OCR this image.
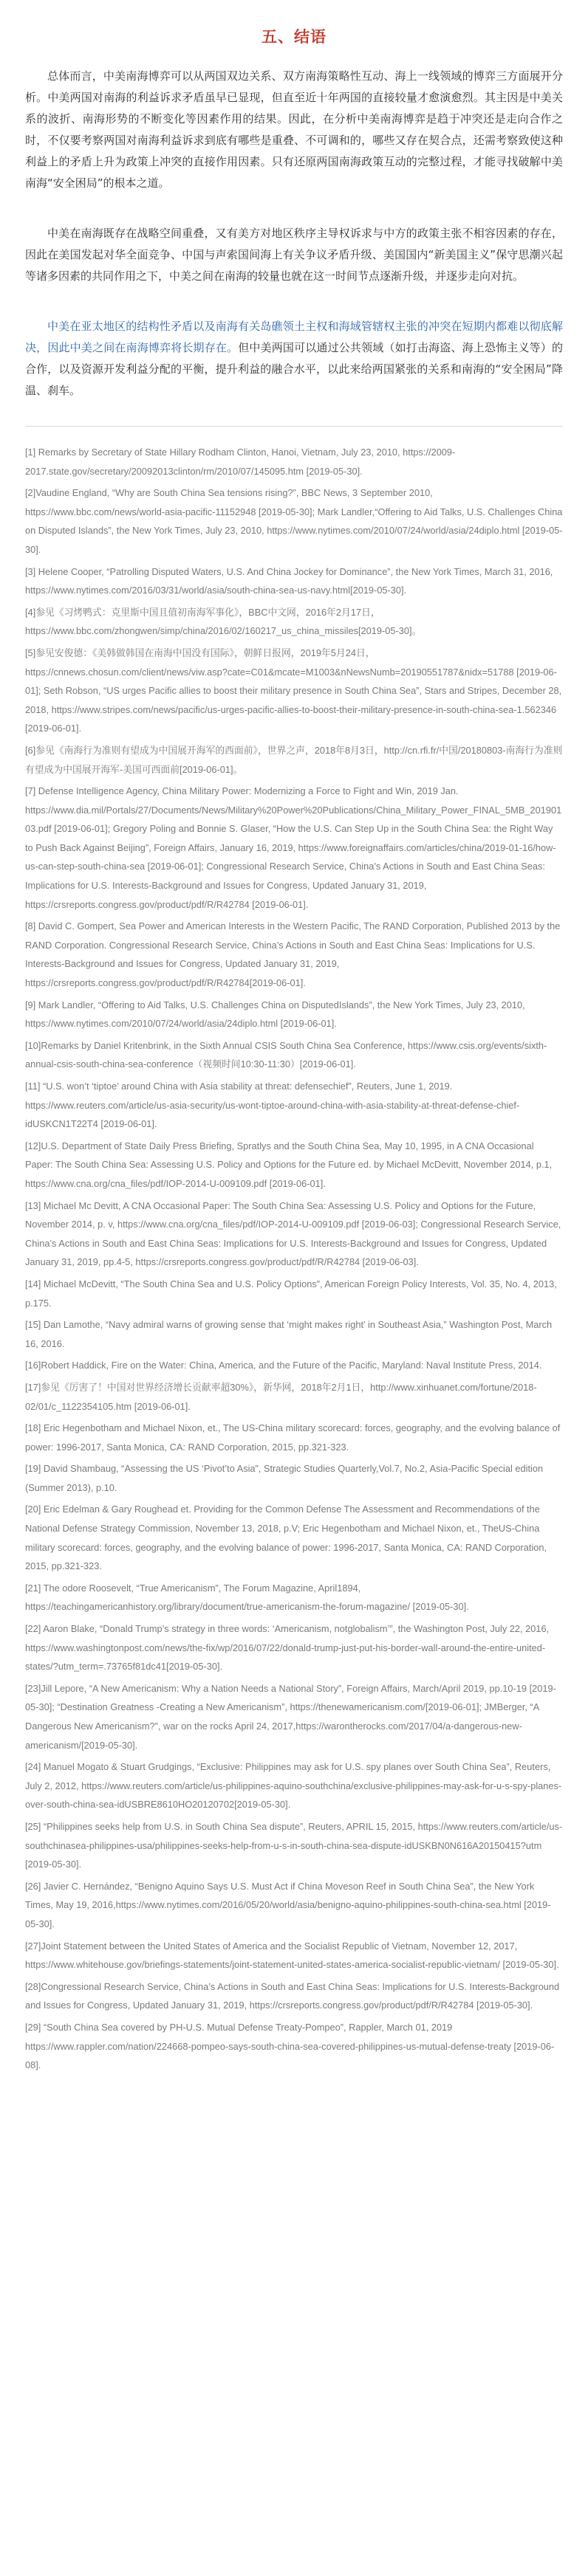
五、结语
总体而言，中美南海博弈可以从两国双边关系、双方南海策略性互动、海上一线领域的博弈三方面展开分析。中美两国对南海的利益诉求矛盾虽早已显现，但直至近十年两国的直接较量才愈演愈烈。其主因是中美关系的波折、南海形势的不断变化等因素作用的结果。因此，在分析中美南海博弈是趋于冲突还是走向合作之时，不仅要考察两国对南海利益诉求到底有哪些是重叠、不可调和的，哪些又存在契合点，还需考察致使这种利益上的矛盾上升为政策上冲突的直接作用因素。只有还原两国南海政策互动的完整过程，才能寻找破解中美南海“安全困局”的根本之道。
中美在南海既存在战略空间重叠，又有美方对地区秩序主导权诉求与中方的政策主张不相容因素的存在，因此在美国发起对华全面竞争、中国与声索国间海上有关争议矛盾升级、美国国内“新美国主义”保守思潮兴起等诸多因素的共同作用之下，中美之间在南海的较量也就在这一时间节点逐渐升级，并逐步走向对抗。
中美在亚太地区的结构性矛盾以及南海有关岛礁领土主权和海域管辖权主张的冲突在短期内都难以彻底解决，因此中美之间在南海博弈将长期存在。但中美两国可以通过公共领域（如打击海盗、海上恐怖主义等）的合作，以及资源开发利益分配的平衡，提升利益的融合水平，以此来给两国紧张的关系和南海的“安全困局”降温、刹车。

[1] Remarks by Secretary of State Hillary Rodham Clinton, Hanoi, Vietnam, July 23, 2010, https://2009-2017.state.gov/secretary/20092013clinton/rm/2010/07/145095.htm [2019-05-30].

[2]Vaudine England, “Why are South China Sea tensions rising?”, BBC News, 3 September 2010, https://www.bbc.com/news/world-asia-pacific-11152948 [2019-05-30]; Mark Landler,“Offering to Aid Talks, U.S. Challenges China on Disputed Islands”, the New York Times, July 23, 2010, https://www.nytimes.com/2010/07/24/world/asia/24diplo.html [2019-05-30].

[3] Helene Cooper, “Patrolling Disputed Waters, U.S. And China Jockey for Dominance”, the New York Times, March 31, 2016, https://www.nytimes.com/2016/03/31/world/asia/south-china-sea-us-navy.html[2019-05-30].

[4]参见《习烤鸭式：克里斯中国且值初南海军事化》，BBC中文网，2016年2月17日，https://www.bbc.com/zhongwen/simp/china/2016/02/160217_us_china_missiles[2019-05-30]。

[5]参见安俊德：《美韩做韩国在南海中国没有国际》，朝鲜日报网，2019年5月24日，https://cnnews.chosun.com/client/news/viw.asp?cate=C01&mcate=M1003&nNewsNumb=20190551787&nidx=51788 [2019-06-01]; Seth Robson, “US urges Pacific allies to boost their military presence in South China Sea”, Stars and Stripes, December 28, 2018, https://www.stripes.com/news/pacific/us-urges-pacific-allies-to-boost-their-military-presence-in-south-china-sea-1.562346 [2019-06-01].

[6]参见《南海行为准则有望成为中国展开海军的西面前》，世界之声，2018年8月3日，http://cn.rfi.fr/中国/20180803-南海行为准则有望成为中国展开海军-美国可西面前[2019-06-01]。

[7] Defense Intelligence Agency, China Military Power: Modernizing a Force to Fight and Win, 2019 Jan. https://www.dia.mil/Portals/27/Documents/News/Military%20Power%20Publications/China_Military_Power_FINAL_5MB_20190103.pdf [2019-06-01]; Gregory Poling and Bonnie S. Glaser, “How the U.S. Can Step Up in the South China Sea: the Right Way to Push Back Against Beijing”, Foreign Affairs, January 16, 2019, https://www.foreignaffairs.com/articles/china/2019-01-16/how-us-can-step-south-china-sea [2019-06-01]; Congressional Research Service, China’s Actions in South and East China Seas: Implications for U.S. Interests-Background and Issues for Congress, Updated January 31, 2019, https://crsreports.congress.gov/product/pdf/R/R42784 [2019-06-01].

[8] David C. Gompert, Sea Power and American Interests in the Western Pacific, The RAND Corporation, Published 2013 by the RAND Corporation. Congressional Research Service, China’s Actions in South and East China Seas: Implications for U.S. Interests-Background and Issues for Congress, Updated January 31, 2019, https://crsreports.congress.gov/product/pdf/R/R42784[2019-06-01].

[9] Mark Landler, “Offering to Aid Talks, U.S. Challenges China on DisputedIslands”, the New York Times, July 23, 2010, https://www.nytimes.com/2010/07/24/world/asia/24diplo.html [2019-06-01].

[10]Remarks by Daniel Kritenbrink, in the Sixth Annual CSIS South China Sea Conference, https://www.csis.org/events/sixth-annual-csis-south-china-sea-conference（视频时间10:30-11:30）[2019-06-01].

[11] “U.S. won’t ‘tiptoe’ around China with Asia stability at threat: defensechief”, Reuters, June 1, 2019. https://www.reuters.com/article/us-asia-security/us-wont-tiptoe-around-china-with-asia-stability-at-threat-defense-chief-idUSKCN1T22T4 [2019-06-01].

[12]U.S. Department of State Daily Press Briefing, Spratlys and the South China Sea, May 10, 1995, in A CNA Occasional Paper: The South China Sea: Assessing U.S. Policy and Options for the Future ed. by Michael McDevitt, November 2014, p.1, https://www.cna.org/cna_files/pdf/IOP-2014-U-009109.pdf [2019-06-01].

[13] Michael Mc Devitt, A CNA Occasional Paper: The South China Sea: Assessing U.S. Policy and Options for the Future, November 2014, p. v, https://www.cna.org/cna_files/pdf/IOP-2014-U-009109.pdf [2019-06-03]; Congressional Research Service, China’s Actions in South and East China Seas: Implications for U.S. Interests-Background and Issues for Congress, Updated January 31, 2019, pp.4-5, https://crsreports.congress.gov/product/pdf/R/R42784 [2019-06-03].

[14] Michael McDevitt, “The South China Sea and U.S. Policy Options”, American Foreign Policy Interests, Vol. 35, No. 4, 2013, p.175.

[15] Dan Lamothe, “Navy admiral warns of growing sense that ‘might makes right’ in Southeast Asia,” Washington Post, March 16, 2016.

[16]Robert Haddick, Fire on the Water: China, America, and the Future of the Pacific, Maryland: Naval Institute Press, 2014.

[17]参见《厉害了！中国对世界经济增长贡献率超30%》，新华网，2018年2月1日，http://www.xinhuanet.com/fortune/2018-02/01/c_1122354105.htm [2019-06-01].

[18] Eric Hegenbotham and Michael Nixon, et., The US-China military scorecard: forces, geography, and the evolving balance of power: 1996-2017, Santa Monica, CA: RAND Corporation, 2015, pp.321-323.

[19] David Shambaug, “Assessing the US ‘Pivot’to Asia”, Strategic Studies Quarterly,Vol.7, No.2, Asia-Pacific Special edition (Summer 2013), p.10.

[20] Eric Edelman & Gary Roughead et. Providing for the Common Defense The Assessment and Recommendations of the National Defense Strategy Commission, November 13, 2018, p.V; Eric Hegenbotham and Michael Nixon, et., TheUS-China military scorecard: forces, geography, and the evolving balance of power: 1996-2017, Santa Monica, CA: RAND Corporation, 2015, pp.321-323.

[21] The odore Roosevelt, “True Americanism”, The Forum Magazine, April1894, https://teachingamericanhistory.org/library/document/true-americanism-the-forum-magazine/ [2019-05-30].

[22] Aaron Blake, “Donald Trump’s strategy in three words: ‘Americanism, notglobalism’”, the Washington Post, July 22, 2016, https://www.washingtonpost.com/news/the-fix/wp/2016/07/22/donald-trump-just-put-his-border-wall-around-the-entire-united-states/?utm_term=.73765f81dc41[2019-05-30].

[23]Jill Lepore, “A New Americanism: Why a Nation Needs a National Story”, Foreign Affairs, March/April 2019, pp.10-19 [2019-05-30]; “Destination Greatness -Creating a New Americanism”, https://thenewamericanism.com/[2019-06-01]; JMBerger, “A Dangerous New Americanism?”, war on the rocks April 24, 2017,https://warontherocks.com/2017/04/a-dangerous-new-americanism/[2019-05-30].

[24] Manuel Mogato & Stuart Grudgings, “Exclusive: Philippines may ask for U.S. spy planes over South China Sea”, Reuters, July 2, 2012, https://www.reuters.com/article/us-philippines-aquino-southchina/exclusive-philippines-may-ask-for-u-s-spy-planes-over-south-china-sea-idUSBRE8610HO20120702[2019-05-30].

[25] “Philippines seeks help from U.S. in South China Sea dispute”, Reuters, APRIL 15, 2015, https://www.reuters.com/article/us-southchinasea-philippines-usa/philippines-seeks-help-from-u-s-in-south-china-sea-dispute-idUSKBN0N616A20150415?utm [2019-05-30].

[26] Javier C. Hernández, “Benigno Aquino Says U.S. Must Act if China Moveson Reef in South China Sea”, the New York Times, May 19, 2016,https://www.nytimes.com/2016/05/20/world/asia/benigno-aquino-philippines-south-china-sea.html [2019-05-30].

[27]Joint Statement between the United States of America and the Socialist Republic of Vietnam, November 12, 2017, https://www.whitehouse.gov/briefings-statements/joint-statement-united-states-america-socialist-republic-vietnam/ [2019-05-30].

[28]Congressional Research Service, China’s Actions in South and East China Seas: Implications for U.S. Interests-Background and Issues for Congress, Updated January 31, 2019, https://crsreports.congress.gov/product/pdf/R/R42784 [2019-05-30].

[29] “South China Sea covered by PH-U.S. Mutual Defense Treaty-Pompeo”, Rappler, March 01, 2019 https://www.rappler.com/nation/224668-pompeo-says-south-china-sea-covered-philippines-us-mutual-defense-treaty [2019-06-08].
